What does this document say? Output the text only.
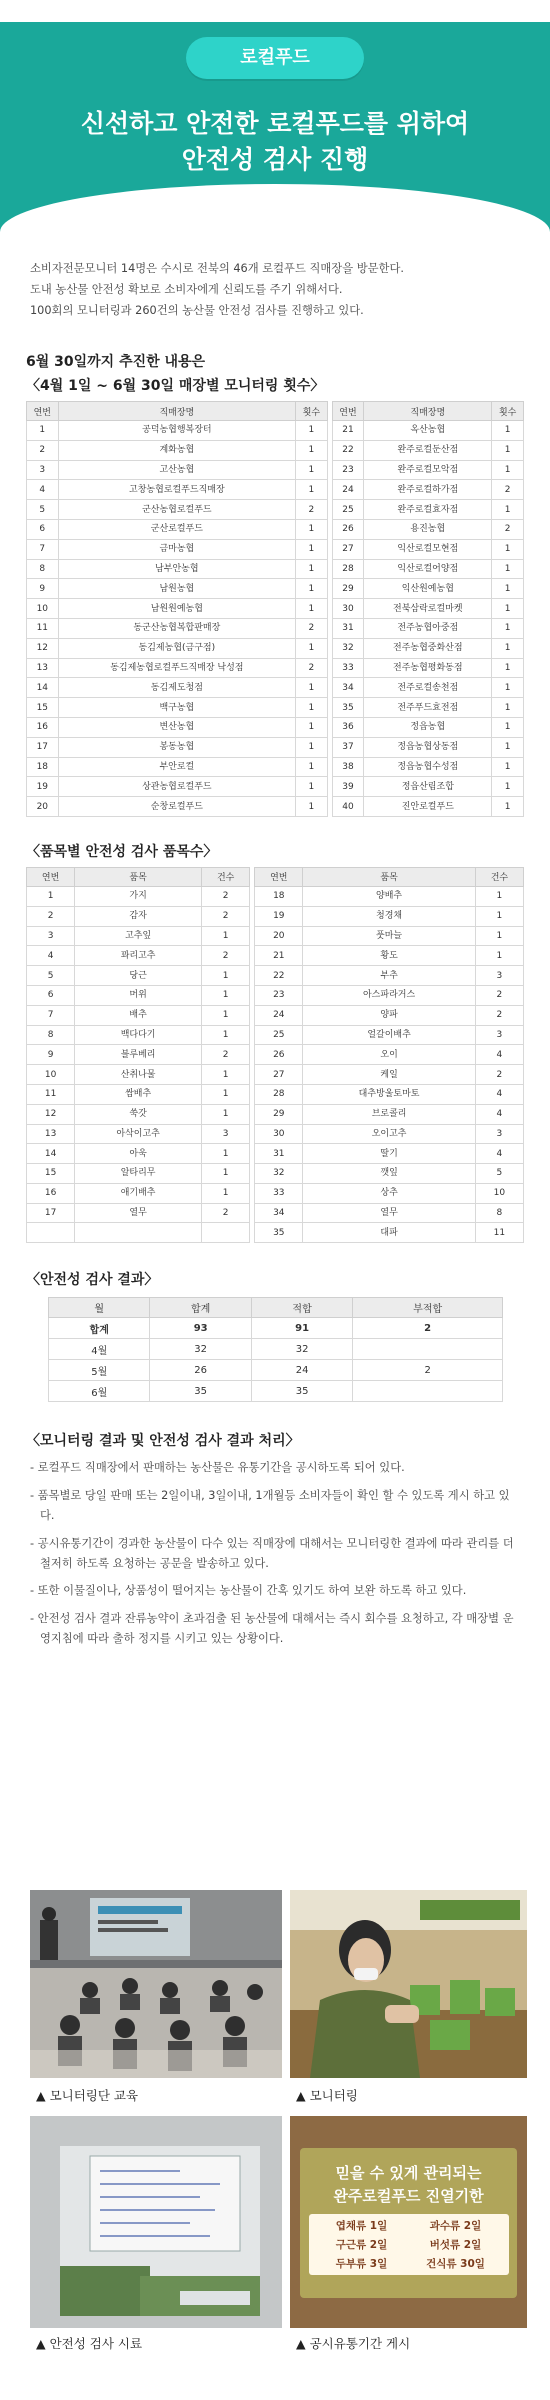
로컬푸드
신선하고 안전한 로컬푸드를 위하여
안전성 검사 진행
소비자전문모니터 14명은 수시로 전북의 46개 로컬푸드 직매장을 방문한다.
도내 농산물 안전성 확보로 소비자에게 신뢰도를 주기 위해서다.
100회의 모니터링과 260건의 농산물 안전성 검사를 진행하고 있다.
6월 30일까지 추진한 내용은
〈4월 1일 ~ 6월 30일 매장별 모니터링 횟수〉
연번	직매장명	횟수		연번	직매장명	횟수
1	공덕농협행복장터	1		21	옥산농협	1
2	계화농협	1		22	완주로컬둔산점	1
3	고산농협	1		23	완주로컬모악점	1
4	고창농협로컬푸드직매장	1		24	완주로컬하가점	2
5	군산농협로컬푸드	2		25	완주로컬효자점	1
6	군산로컬푸드	1		26	용진농협	2
7	금마농협	1		27	익산로컬모현점	1
8	남부안농협	1		28	익산로컬어양점	1
9	남원농협	1		29	익산원예농협	1
10	남원원예농협	1		30	전북삼락로컬마켓	1
11	동군산농협복합판매장	2		31	전주농협아중점	1
12	동김제농협(금구점)	1		32	전주농협중화산점	1
13	동김제농협로컬푸드직매장 낙성점	2		33	전주농협평화동점	1
14	동김제도청점	1		34	전주로컬송천점	1
15	백구농협	1		35	전주푸드효전점	1
16	변산농협	1		36	정읍농협	1
17	봉동농협	1		37	정읍농협상동점	1
18	부안로컬	1		38	정읍농협수성점	1
19	상관농협로컬푸드	1		39	정읍산림조합	1
20	순창로컬푸드	1		40	진안로컬푸드	1
〈품목별 안전성 검사 품목수〉
연번	품목	건수		연번	품목	건수
1	가지	2		18	양배추	1
2	감자	2		19	청경채	1
3	고추잎	1		20	풋마늘	1
4	꽈리고추	2		21	황도	1
5	당근	1		22	부추	3
6	머위	1		23	아스파라거스	2
7	배추	1		24	양파	2
8	백다다기	1		25	얼갈이배추	3
9	블루베리	2		26	오이	4
10	산취나물	1		27	케일	2
11	쌈배추	1		28	대추방울토마토	4
12	쑥갓	1		29	브로콜리	4
13	아삭이고추	3		30	오이고추	3
14	아욱	1		31	딸기	4
15	알타리무	1		32	깻잎	5
16	애기배추	1		33	상추	10
17	열무	2		34	열무	8
				35	대파	11
〈안전성 검사 결과〉
월	합계	적합	부적합
합계	93	91	2
4월	32	32	
5월	26	24	2
6월	35	35	
〈모니터링 결과 및 안전성 검사 결과 처리〉
- 로컬푸드 직매장에서 판매하는 농산물은 유통기간을 공시하도록 되어 있다.
- 품목별로 당일 판매 또는 2일이내, 3일이내, 1개월등 소비자들이 확인 할 수 있도록 게시 하고 있다.
- 공시유통기간이 경과한 농산물이 다수 있는 직매장에 대해서는 모니터링한 결과에 따라 관리를 더 철저히 하도록 요청하는 공문을 발송하고 있다.
- 또한 이물질이나, 상품성이 떨어지는 농산물이 간혹 있기도 하여 보완 하도록 하고 있다.
- 안전성 검사 결과 잔류농약이 초과검출 된 농산물에 대해서는 즉시 회수를 요청하고, 각 매장별 운영지침에 따라 출하 정지를 시키고 있는 상황이다.
▲ 모니터링단 교육	▲ 모니터링
▲ 안전성 검사 시료
믿을 수 있게 관리되는
완주로컬푸드 진열기한
엽채류 1일	과수류 2일
구근류 2일	버섯류 2일
두부류 3일	건식류 30일
▲ 공시유통기간 게시
